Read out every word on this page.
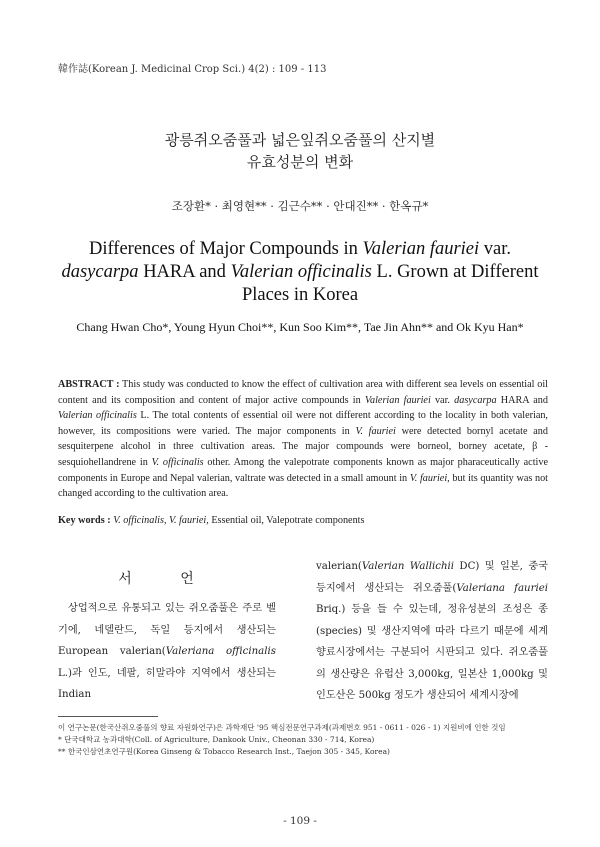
韓作誌(Korean J. Medicinal Crop Sci.) 4(2) : 109 - 113
광릉쥐오줌풀과 넓은잎쥐오줌풀의 산지별
유효성분의 변화
조장환* · 최영현** · 김근수** · 안대진** · 한옥규*
Differences of Major Compounds in Valerian fauriei var.
dasycarpa HARA and Valerian officinalis L. Grown at Different
Places in Korea
Chang Hwan Cho*, Young Hyun Choi**, Kun Soo Kim**, Tae Jin Ahn** and Ok Kyu Han*
ABSTRACT : This study was conducted to know the effect of cultivation area with different sea levels on essential oil content and its composition and content of major active compounds in Valerian fauriei var. dasycarpa HARA and Valerian officinalis L. The total contents of essential oil were not different according to the locality in both valerian, however, its compositions were varied. The major components in V. fauriei were detected bornyl acetate and sesquiterpene alcohol in three cultivation areas. The major compounds were borneol, borney acetate, β -sesquiohellandrene in V. officinalis other. Among the valepotrate components known as major pharaceutically active components in Europe and Nepal valerian, valtrate was detected in a small amount in V. fauriei, but its quantity was not changed according to the cultivation area.
Key words : V. officinalis, V. fauriei, Essential oil, Valepotrate components
서 언
상업적으로 유통되고 있는 쥐오줌풀은 주로 벨기에, 네델란드, 독일 등지에서 생산되는 European valerian(Valeriana officinalis L.)과 인도, 네팔, 히말라야 지역에서 생산되는 Indian
valerian(Valerian Wallichii DC) 및 일본, 중국 등지에서 생산되는 쥐오줌풀(Valeriana fauriei Briq.) 등을 들 수 있는데, 정유성분의 조성은 종(species) 및 생산지역에 따라 다르기 때문에 세계 향료시장에서는 구분되어 시판되고 있다. 쥐오줌풀의 생산량은 유럽산 3,000kg, 일본산 1,000kg 및 인도산은 500kg 정도가 생산되어 세계시장에
이 연구논문(한국산쥐오줌풀의 향료 자원화연구)은 과학재단 '95 핵심전문연구과제(과제번호 951 - 0611 - 026 - 1) 지원비에 인한 것임
* 단국대학교 농과대학(Coll. of Agriculture, Dankook Univ., Cheonan 330 - 714, Korea)
** 한국인삼연초연구원(Korea Ginseng & Tobacco Research Inst., Taejon 305 - 345, Korea)
- 109 -
